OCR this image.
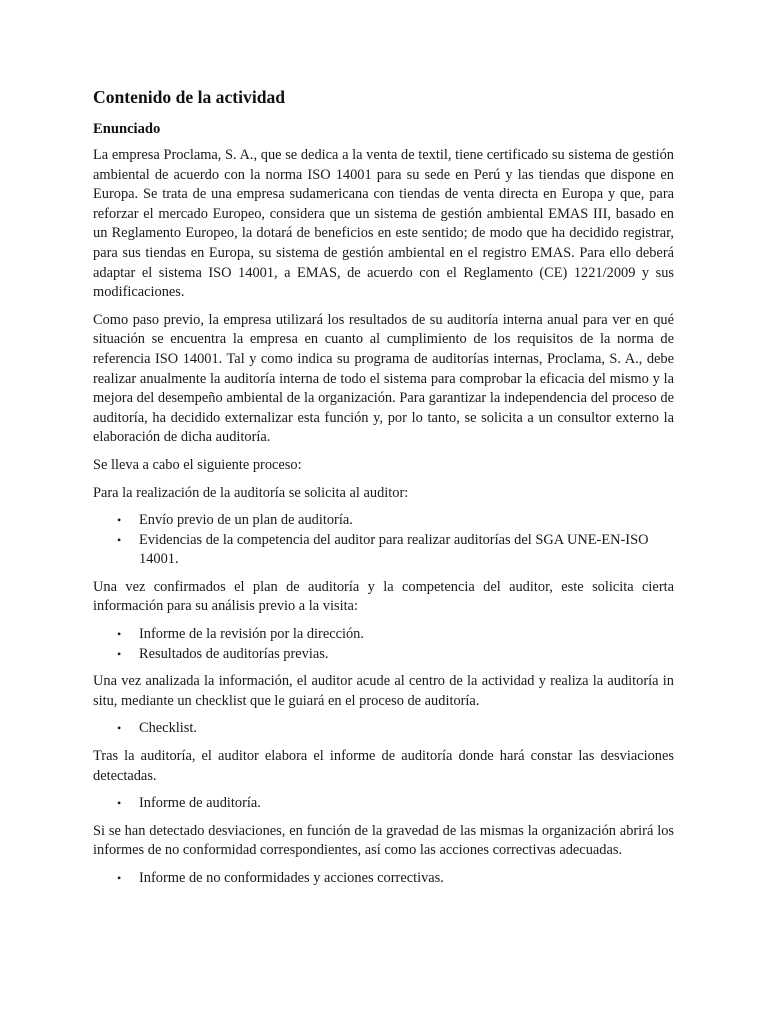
Contenido de la actividad
Enunciado

La empresa Proclama, S. A., que se dedica a la venta de textil, tiene certificado su sistema de gestión ambiental de acuerdo con la norma ISO 14001 para su sede en Perú y las tiendas que dispone en Europa. Se trata de una empresa sudamericana con tiendas de venta directa en Europa y que, para reforzar el mercado Europeo, considera que un sistema de gestión ambiental EMAS III, basado en un Reglamento Europeo, la dotará de beneficios en este sentido; de modo que ha decidido registrar, para sus tiendas en Europa, su sistema de gestión ambiental en el registro EMAS. Para ello deberá adaptar el sistema ISO 14001, a EMAS, de acuerdo con el Reglamento (CE) 1221/2009 y sus modificaciones.

Como paso previo, la empresa utilizará los resultados de su auditoría interna anual para ver en qué situación se encuentra la empresa en cuanto al cumplimiento de los requisitos de la norma de referencia ISO 14001. Tal y como indica su programa de auditorías internas, Proclama, S. A., debe realizar anualmente la auditoría interna de todo el sistema para comprobar la eficacia del mismo y la mejora del desempeño ambiental de la organización. Para garantizar la independencia del proceso de auditoría, ha decidido externalizar esta función y, por lo tanto, se solicita a un consultor externo la elaboración de dicha auditoría.

Se lleva a cabo el siguiente proceso:

Para la realización de la auditoría se solicita al auditor:

• Envío previo de un plan de auditoría.
• Evidencias de la competencia del auditor para realizar auditorías del SGA UNE-EN-ISO 14001.

Una vez confirmados el plan de auditoría y la competencia del auditor, este solicita cierta información para su análisis previo a la visita:

• Informe de la revisión por la dirección.
• Resultados de auditorías previas.

Una vez analizada la información, el auditor acude al centro de la actividad y realiza la auditoría in situ, mediante un checklist que le guiará en el proceso de auditoría.

• Checklist.

Tras la auditoría, el auditor elabora el informe de auditoría donde hará constar las desviaciones detectadas.

• Informe de auditoría.

Si se han detectado desviaciones, en función de la gravedad de las mismas la organización abrirá los informes de no conformidad correspondientes, así como las acciones correctivas adecuadas.

• Informe de no conformidades y acciones correctivas.
